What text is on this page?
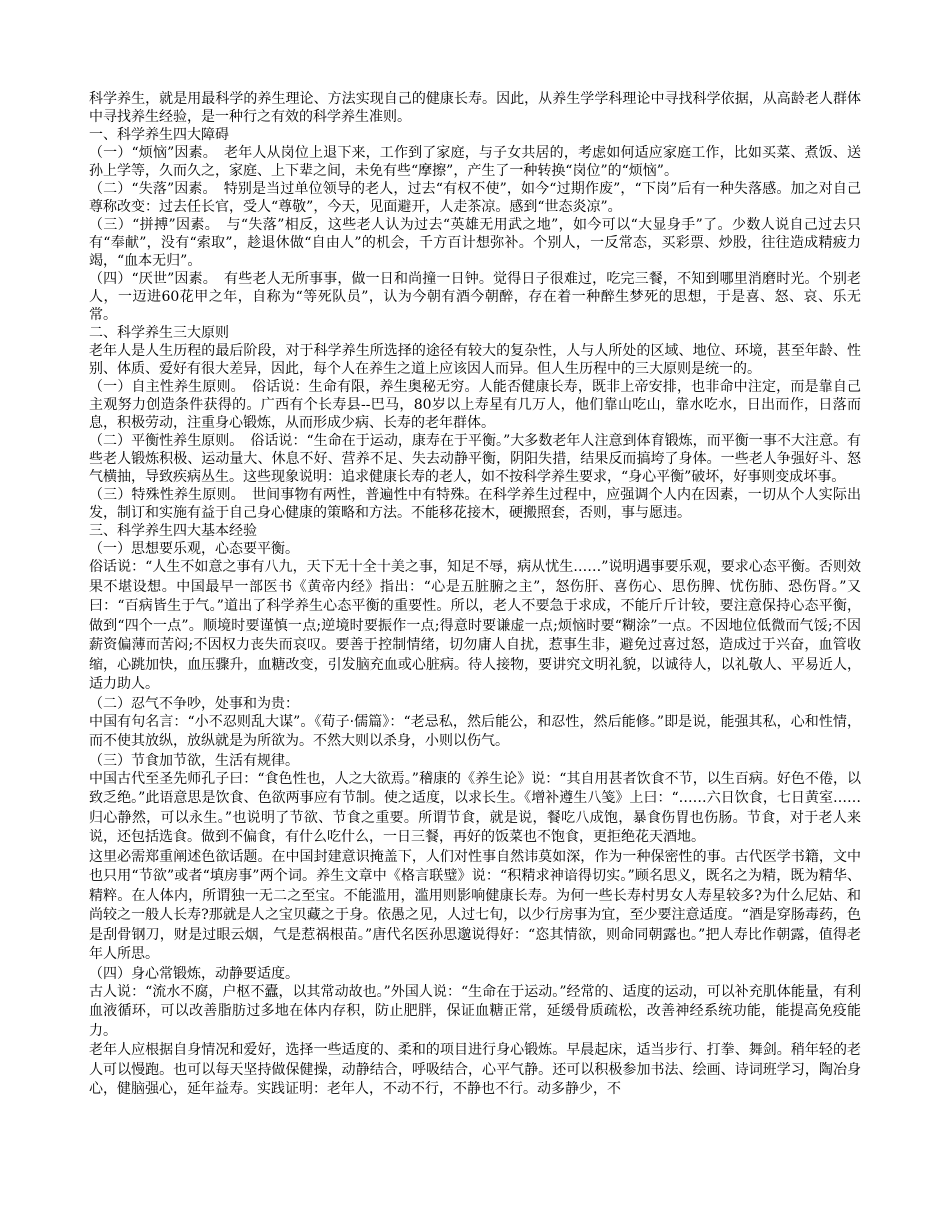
科学养生，就是用最科学的养生理论、方法实现自己的健康长寿。因此，从养生学学科理论中寻找科学依据，从高龄老人群体中寻找养生经验，是一种行之有效的科学养生准则。

一、科学养生四大障碍

（一）“烦恼”因素。　老年人从岗位上退下来，工作到了家庭，与子女共居的，考虑如何适应家庭工作，比如买菜、煮饭、送孙上学等，久而久之，家庭、上下辈之间，未免有些“摩擦”，产生了一种转换“岗位”的“烦恼”。

（二）“失落”因素。　特别是当过单位领导的老人，过去“有权不使”，如今“过期作废”，“下岗”后有一种失落感。加之对自己尊称改变：过去任长官，受人“尊敬”，今天，见面避开，人走茶凉。感到“世态炎凉”。

（三）“拼搏”因素。　与“失落”相反，这些老人认为过去“英雄无用武之地”，如今可以“大显身手”了。少数人说自己过去只有“奉献”，没有“索取”，趁退休做“自由人”的机会，千方百计想弥补。个别人，一反常态，买彩票、炒股，往往造成精疲力竭，“血本无归”。

（四）“厌世”因素。　有些老人无所事事，做一日和尚撞一日钟。觉得日子很难过，吃完三餐，不知到哪里消磨时光。个别老人，一迈进60花甲之年，自称为“等死队员”，认为今朝有酒今朝醉，存在着一种醉生梦死的思想，于是喜、怒、哀、乐无常。

二、科学养生三大原则

老年人是人生历程的最后阶段，对于科学养生所选择的途径有较大的复杂性，人与人所处的区域、地位、环境，甚至年龄、性别、体质、爱好有很大差异，因此，每个人在养生之道上应该因人而异。但人生历程中的三大原则是统一的。

（一）自主性养生原则。　俗话说：生命有限，养生奥秘无穷。人能否健康长寿，既非上帝安排，也非命中注定，而是靠自己主观努力创造条件获得的。广西有个长寿县--巴马，80岁以上寿星有几万人，他们靠山吃山，靠水吃水，日出而作，日落而息，积极劳动，注重身心锻炼，从而形成少病、长寿的老年群体。

（二）平衡性养生原则。　俗话说：“生命在于运动，康寿在于平衡。”大多数老年人注意到体育锻炼，而平衡一事不大注意。有些老人锻炼积极、运动量大、休息不好、营养不足、失去动静平衡，阴阳失措，结果反而搞垮了身体。一些老人争强好斗、怒气横抽，导致疾病丛生。这些现象说明：追求健康长寿的老人，如不按科学养生要求，“身心平衡”破坏，好事则变成坏事。

（三）特殊性养生原则。　世间事物有两性，普遍性中有特殊。在科学养生过程中，应强调个人内在因素，一切从个人实际出发，制订和实施有益于自己身心健康的策略和方法。不能移花接木，硬搬照套，否则，事与愿违。

三、科学养生四大基本经验

（一）思想要乐观，心态要平衡。

俗话说：“人生不如意之事有八九，天下无十全十美之事，知足不辱，病从忧生……”说明遇事要乐观，要求心态平衡。否则效果不堪设想。中国最早一部医书《黄帝内经》指出：“心是五脏腑之主”，怒伤肝、喜伤心、思伤脾、忧伤肺、恐伤肾。”又曰：“百病皆生于气。”道出了科学养生心态平衡的重要性。所以，老人不要急于求成，不能斤斤计较，要注意保持心态平衡，做到“四个一点”。顺境时要谨慎一点;逆境时要振作一点;得意时要谦虚一点;烦恼时要“糊涂”一点。不因地位低微而气馁;不因薪资偏薄而苦闷;不因权力丧失而哀叹。要善于控制情绪，切勿庸人自扰，惹事生非，避免过喜过怒，造成过于兴奋，血管收缩，心跳加快，血压骤升，血糖改变，引发脑充血或心脏病。待人接物，要讲究文明礼貌，以诚待人，以礼敬人、平易近人，适力助人。

（二）忍气不争吵，处事和为贵：

中国有句名言：“小不忍则乱大谋”。《荀子·儒篇》：“老忌私，然后能公，和忍性，然后能修。”即是说，能强其私，心和性情，而不使其放纵，放纵就是为所欲为。不然大则以杀身，小则以伤气。

（三）节食加节欲，生活有规律。

中国古代至圣先师孔子曰：“食色性也，人之大欲焉。”稽康的《养生论》说：“其自用甚者饮食不节，以生百病。好色不倦，以致乏绝。”此语意思是饮食、色欲两事应有节制。使之适度，以求长生。《增补遵生八笺》上曰：“……六日饮食，七日黄室……归心静然，可以永生。”也说明了节欲、节食之重要。所谓节食，就是说，餐吃八成饱，暴食伤胃也伤肠。节食，对于老人来说，还包括选食。做到不偏食，有什么吃什么，一日三餐，再好的饭菜也不饱食，更拒绝花天酒地。

这里必需郑重阐述色欲话题。在中国封建意识掩盖下，人们对性事自然讳莫如深，作为一种保密性的事。古代医学书籍，文中也只用“节欲”或者“填房事”两个词。养生文章中《格言联璧》说：“积精求神谙得切实。”顾名思义，既名之为精，既为精华、精粹。在人体内，所谓独一无二之至宝。不能滥用，滥用则影响健康长寿。为何一些长寿村男女人寿星较多?为什么尼姑、和尚较之一般人长寿?那就是人之宝贝藏之于身。依愚之见，人过七旬，以少行房事为宜，至少要注意适度。“酒是穿肠毒药，色是刮骨钢刀，财是过眼云烟，气是惹祸根苗。”唐代名医孙思邈说得好：“恣其情欲，则命同朝露也。”把人寿比作朝露，值得老年人所思。

（四）身心常锻炼，动静要适度。

古人说：“流水不腐，户枢不蠹，以其常动故也。”外国人说：“生命在于运动。”经常的、适度的运动，可以补充肌体能量，有利血液循环，可以改善脂肪过多地在体内存积，防止肥胖，保证血糖正常，延缓骨质疏松，改善神经系统功能，能提高免疫能力。

老年人应根据自身情况和爱好，选择一些适度的、柔和的项目进行身心锻炼。早晨起床，适当步行、打拳、舞剑。稍年轻的老人可以慢跑。也可以每天坚持做保健操，动静结合，呼吸结合，心平气静。还可以积极参加书法、绘画、诗词班学习，陶冶身心，健脑强心，延年益寿。实践证明：老年人，不动不行，不静也不行。动多静少，不
